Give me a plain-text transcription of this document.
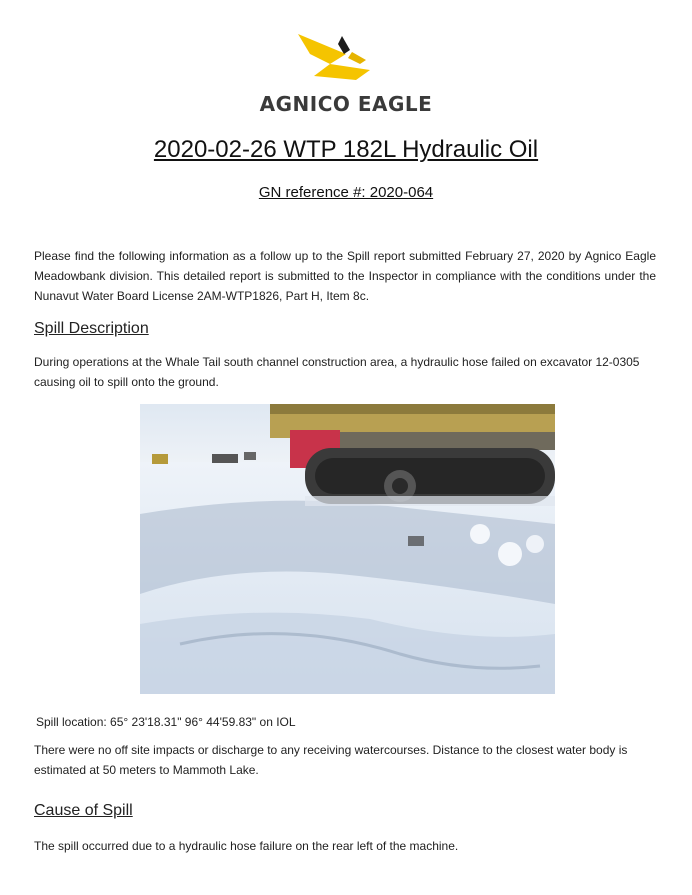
AGNICO EAGLE
2020-02-26 WTP 182L Hydraulic Oil
GN reference #: 2020-064
Please find the following information as a follow up to the Spill report submitted February 27, 2020 by Agnico Eagle Meadowbank division. This detailed report is submitted to the Inspector in compliance with the conditions under the Nunavut Water Board License 2AM-WTP1826, Part H, Item 8c.
Spill Description
During operations at the Whale Tail south channel construction area, a hydraulic hose failed on excavator 12-0305 causing oil to spill onto the ground.
Spill location: 65° 23'18.31" 96° 44'59.83" on IOL
There were no off site impacts or discharge to any receiving watercourses. Distance to the closest water body is estimated at 50 meters to Mammoth Lake.
Cause of Spill
The spill occurred due to a hydraulic hose failure on the rear left of the machine.
